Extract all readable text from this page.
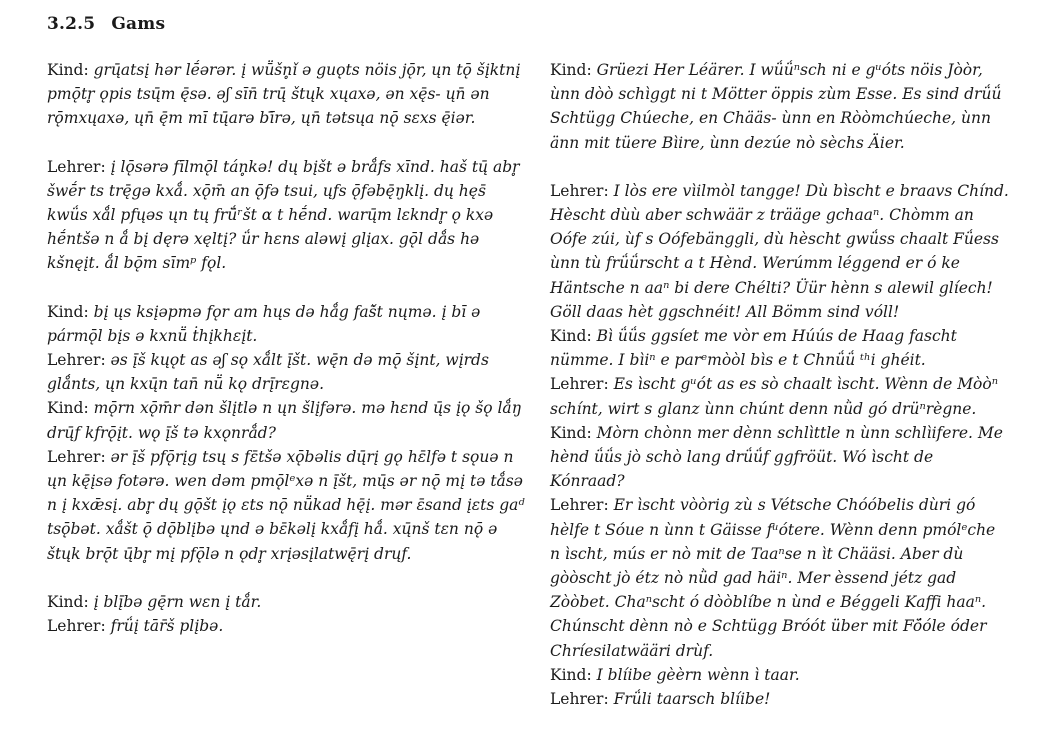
3.2.5 Gams

Kind: grų̄atsį hər lḗərər. į wṻšn̥ǐ ə guǫts nöis jǭr, ųn tǭ šįktnį pmǭtr̥ ǫpis tsų̄m ę̄sə. əʃ sīn̄ trų̄ štųk xųaxə, ən xę̄s- ųn̄ ən rǭmxųaxə, ųn̄ ę̄m mī tų̄arə bī̄rə, ųn̄ tətsųa nǭ sɛxs ę̄iər.

Lehrer: į lǭsərə fīlmǭl tán̥kə! dų bįšt ə brǻfs xīnd. haš tų̄ abr̥ šwḗr ts trę̄gə kxǻ. xǭm̄ an ǭfə tsui, ųfs ǭfəbę̄ŋklį. dų hęs̄ kwǘs xǻl pfųəs ųn tų frǘ̄ʳšt ɑ t hḗnd. warų̄m lɛkndr̥ ǫ kxə hḗntšə n ǻ bį dęrə xęltį? ǘr hɛns aləwį glįax. gǭl dǻs hə kšnęįt. ǻl bǭm sīmᵖ fǫl.

Kind: bį ųs ksįəpmə fǫr am hųs də hǻg faš̄t nųmə. į bī ə pármǭl bįs ə kxnṻ ṫhįkhɛįt.

Lehrer: əs į̄š kųǫt as əʃ sǫ xǻlt į̄št. wę̄n də mǭ šįnt, wįrds glǻnts, ųn kxų̄n tan̄ nṻ kǫ drį̄rɛgnə.

Kind: mǭrn xǭm̄r dən šlįtlə n ųn šlįfərə. mə hɛnd ų̄s įǫ šǫ lǻŋ drų̄f kfrǭįt. wǫ į̄š tə kxǫnrǻd?

Lehrer: ər į̄š pfǭrįg tsų s fɛ̄tšə xǭbəlis dų̄rį gǫ hɛ̄lfə t sǫuə n ųn kę̄įsə fotərə. wen dəm pmǭlᵉxə n į̄št, mų̄s ər nǭ mį tə tǻsə n į kxǣsį. abr̥ dų gǭšt įǫ ɛts nǭ nṻkad hę̄į. mər ɛ̄sand įɛts gaᵈ tsǭbət. xǻšt ǭ dǭblįbə ųnd ə bɛ̄kəlį kxǻfį hǻ. xų̄nš tɛn nǭ ə štųk brǭt ų̄br̥ mį pfǭlə n ǫdr̥ xrįəsįlatwę̄rį drųf.

Kind: į blį̄bə gę̄rn wɛn į tǻr.

Lehrer: frǘį tār̄š plįbə.

Kind: Grüezi Her Léärer. I wǘǘⁿsch ni e gᵘóts nöis Jòòr, ùnn dòò schìggt ni t Mötter öppis zùm Esse. Es sind drǘǘ Schtügg Chúeche, en Chääs- ùnn en Ròòmchúeche, ùnn änn mit tüere Bìire, ùnn dezúe nò sèchs Äier.

Lehrer: I lòs ere vìilmòl tangge! Dù bìscht e braavs Chínd. Hèscht dùù aber schwäär z trääge gchaaⁿ. Chòmm an Oófe zúi, ùf s Oófebänggli, dù hèscht gwǘss chaalt Fǘess ùnn tù frǘǘrscht a t Hènd. Werúmm léggend er ó ke Häntsche n aaⁿ bi dere Chélti? Üür hènn s alewil glíech! Göll daas hèt ggschnéit! All Bömm sind vóll!

Kind: Bì ǘǘs ggsíet me vòr em Húús de Haag fascht nümme. I bìiⁿ e parᵉmòòl bìs e t Chnǘǘ ᵗʰi ghéit.

Lehrer: Es ìscht gᵘót as es sò chaalt ìscht. Wènn de Mòòⁿ schínt, wirt s glanz ùnn chúnt denn nǜd gó drüⁿrègne.

Kind: Mòrn chònn mer dènn schlìttle n ùnn schlìifere. Me hènd ǘǘs jò schò lang drǘǘf ggfröüt. Wó ìscht de Kónraad?

Lehrer: Er ìscht vòòrig zù s Vétsche Chóóbelis dùri gó hèlfe t Sóue n ùnn t Gäisse fᵘótere. Wènn denn pmólᵉche n ìscht, mús er nò mit de Taaⁿse n ìt Chääsi. Aber dù gòòscht jò étz nò nǜd gad häiⁿ. Mer èssend jétz gad Zòòbet. Chaⁿscht ó dòòblíbe n ùnd e Béggeli Kaffi haaⁿ. Chúnscht dènn nò e Schtügg Bróót über mit Fö́óle óder Chríesilatwääri drùf.

Kind: I blíibe gèèrn wènn ì taar.

Lehrer: Frǘli taarsch blíibe!
